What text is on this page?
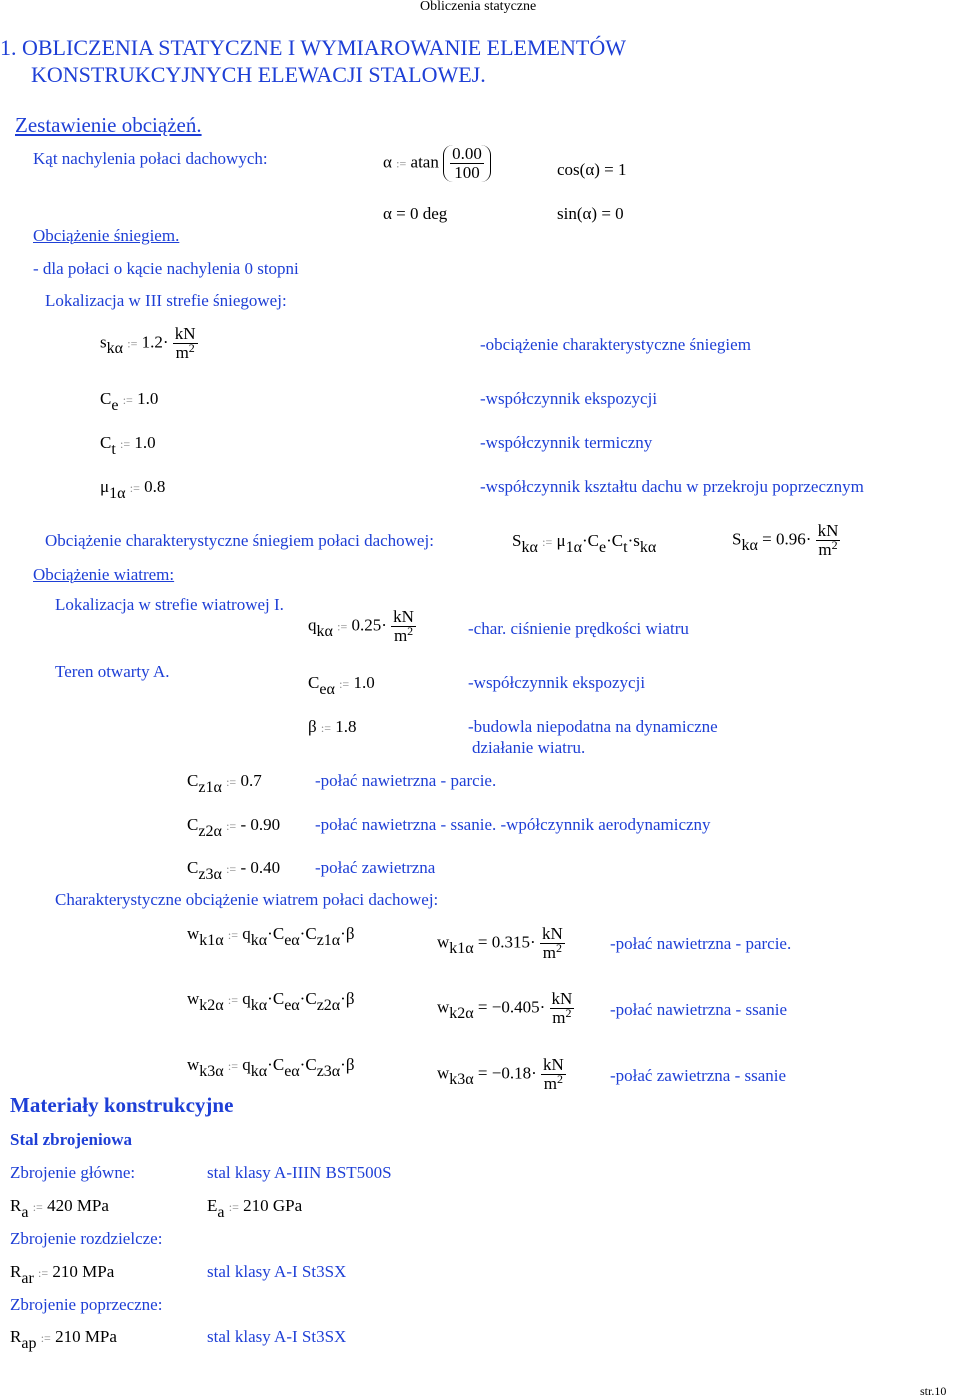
Obliczenia statyczne
1. OBLICZENIA STATYCZNE I WYMIAROWANIE ELEMENTÓW
KONSTRUKCYJNYCH ELEWACJI STALOWEJ.
Zestawienie obciążeń.
Kąt nachylenia połaci dachowych:	α := atan $\frac{0.00}{100}$	cos(α) = 1
α = 0 deg	sin(α) = 0
Obciążenie śniegiem.
- dla połaci o kącie nachylenia 0 stopni
Lokalizacja w III strefie śniegowej:
skα := $1.2\cdot \frac{kN}{m^2}$	-obciążenie charakterystyczne śniegiem
Ce := 1.0	-współczynnik ekspozycji
Ct := 1.0	-współczynnik termiczny
μ1α := 0.8	-współczynnik kształtu dachu w przekroju poprzecznym
Obciążenie charakterystyczne śniegiem połaci dachowej:	Skα := μ1α·Ce·Ct·skα	$Sk\alpha = 0.96\cdot \frac{kN}{m^2}$
Obciążenie wiatrem:
Lokalizacja w strefie wiatrowej I.
Teren otwarty A.
qkα := $0.25\cdot \frac{kN}{m^2}$	-char. ciśnienie prędkości wiatru
Ceα := 1.0	-współczynnik ekspozycji
β := 1.8	-budowla niepodatna na dynamiczne
działanie wiatru.
Cz1α := 0.7	-połać nawietrzna - parcie.
Cz2α := - 0.90 -połać nawietrzna - ssanie. -wpółczynnik aerodynamiczny
Cz3α := - 0.40 -połać zawietrzna
Charakterystyczne obciążenie wiatrem połaci dachowej:
wk1α := qkα·Ceα·Cz1α·β	$wk1\alpha = 0.315\cdot \frac{kN}{m^2}$	-połać nawietrzna - parcie.
wk2α := qkα·Ceα·Cz2α·β	$wk2\alpha = -0.405\cdot \frac{kN}{m^2}$ -połać nawietrzna - ssanie
wk3α := qkα·Ceα·Cz3α·β	$wk3\alpha = -0.18\cdot \frac{kN}{m^2}$	-połać zawietrzna - ssanie
Materiały konstrukcyjne
Stal zbrojeniowa
Zbrojenie główne:	stal klasy A-IIIN BST500S
Ra := 420 MPa	Ea := 210 GPa
Zbrojenie rozdzielcze:
Rar := 210 MPa	stal klasy A-I St3SX
Zbrojenie poprzeczne:
Rap := 210 MPa	stal klasy A-I St3SX
str.10
